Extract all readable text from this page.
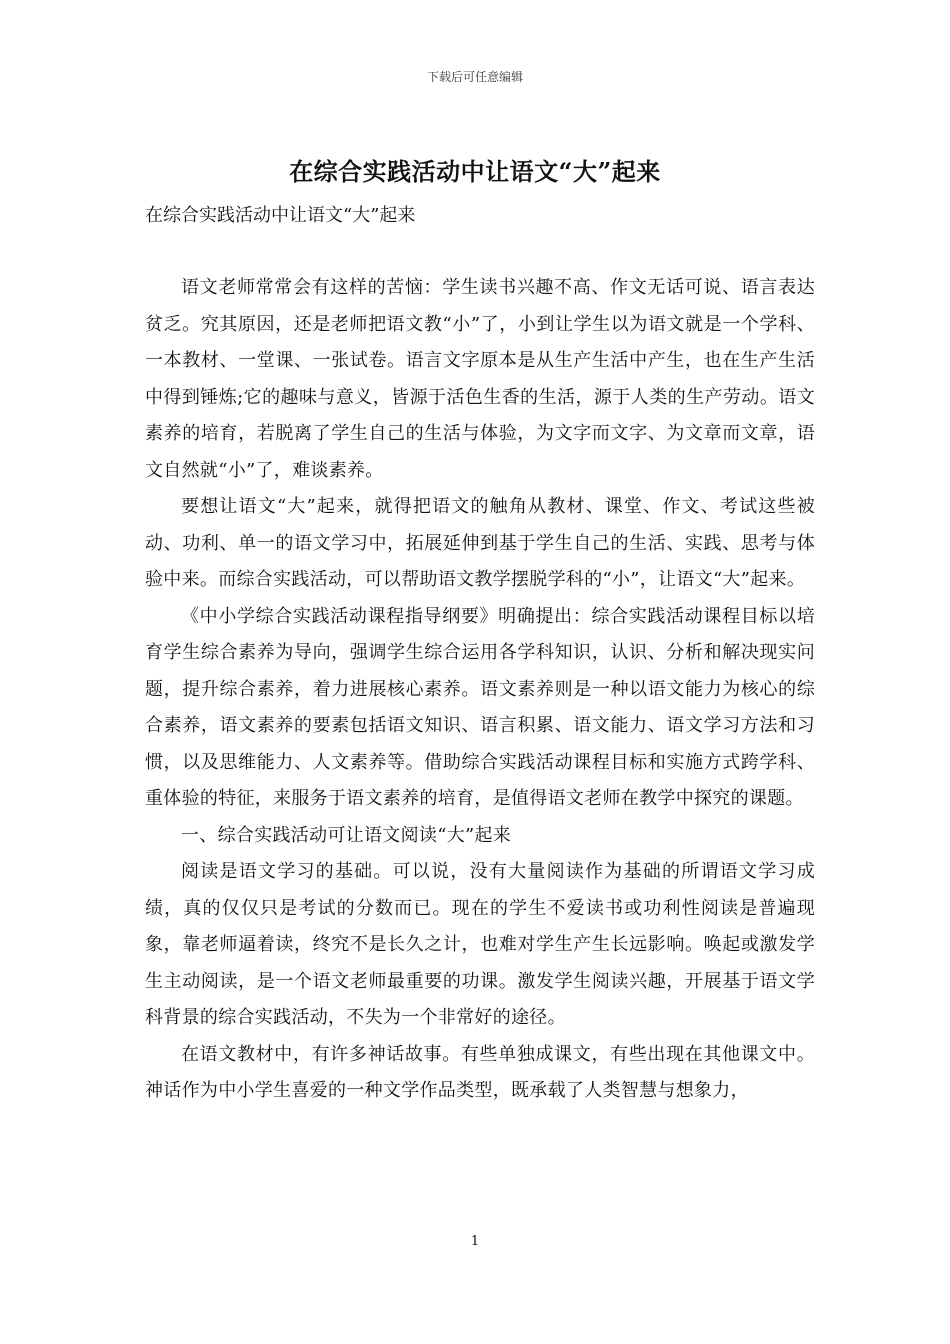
下载后可任意编辑
在综合实践活动中让语文“大”起来
在综合实践活动中让语文“大”起来

语文老师常常会有这样的苦恼：学生读书兴趣不高、作文无话可说、语言表达贫乏。究其原因，还是老师把语文教“小”了，小到让学生以为语文就是一个学科、一本教材、一堂课、一张试卷。语言文字原本是从生产生活中产生，也在生产生活中得到锤炼;它的趣味与意义，皆源于活色生香的生活，源于人类的生产劳动。语文素养的培育，若脱离了学生自己的生活与体验，为文字而文字、为文章而文章，语文自然就“小”了，难谈素养。

要想让语文“大”起来，就得把语文的触角从教材、课堂、作文、考试这些被动、功利、单一的语文学习中，拓展延伸到基于学生自己的生活、实践、思考与体验中来。而综合实践活动，可以帮助语文教学摆脱学科的“小”，让语文“大”起来。

《中小学综合实践活动课程指导纲要》明确提出：综合实践活动课程目标以培育学生综合素养为导向，强调学生综合运用各学科知识，认识、分析和解决现实问题，提升综合素养，着力进展核心素养。语文素养则是一种以语文能力为核心的综合素养，语文素养的要素包括语文知识、语言积累、语文能力、语文学习方法和习惯，以及思维能力、人文素养等。借助综合实践活动课程目标和实施方式跨学科、重体验的特征，来服务于语文素养的培育，是值得语文老师在教学中探究的课题。

一、综合实践活动可让语文阅读“大”起来

阅读是语文学习的基础。可以说，没有大量阅读作为基础的所谓语文学习成绩，真的仅仅只是考试的分数而已。现在的学生不爱读书或功利性阅读是普遍现象，靠老师逼着读，终究不是长久之计，也难对学生产生长远影响。唤起或激发学生主动阅读，是一个语文老师最重要的功课。激发学生阅读兴趣，开展基于语文学科背景的综合实践活动，不失为一个非常好的途径。

在语文教材中，有许多神话故事。有些单独成课文，有些出现在其他课文中。神话作为中小学生喜爱的一种文学作品类型，既承载了人类智慧与想象力，

1
